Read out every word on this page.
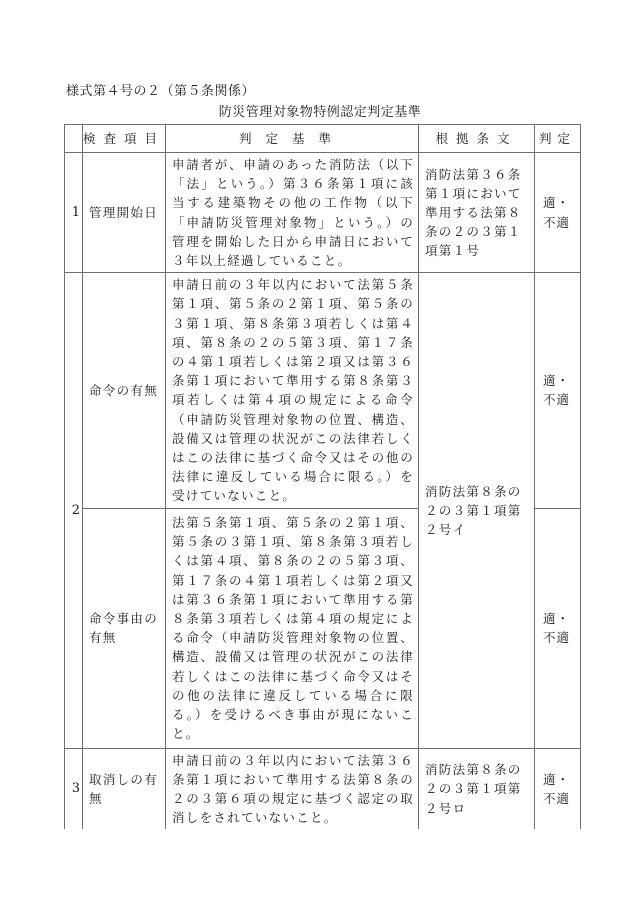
様式第４号の２（第５条関係）
防災管理対象物特例認定判定基準
	検査項目	判定基準	根拠条文	判定
1	管理開始日	申請者が、申請のあった消防法（以下「法」という。）第３６条第１項に該当する建築物その他の工作物（以下「申請防災管理対象物」という。）の管理を開始した日から申請日において３年以上経過していること。	消防法第３６条第１項において準用する法第８条の２の３第１項第１号	適・不適
2	命令の有無	申請日前の３年以内において法第５条第１項、第５条の２第１項、第５条の３第１項、第８条第３項若しくは第４項、第８条の２の５第３項、第１７条の４第１項若しくは第２項又は第３６条第１項において準用する第８条第３項若しくは第４項の規定による命令（申請防災管理対象物の位置、構造、設備又は管理の状況がこの法律若しくはこの法律に基づく命令又はその他の法律に違反している場合に限る。）を受けていないこと。	消防法第８条の２の３第１項第２号イ	適・不適
	命令事由の有無	法第５条第１項、第５条の２第１項、第５条の３第１項、第８条第３項若しくは第４項、第８条の２の５第３項、第１７条の４第１項若しくは第２項又は第３６条第１項において準用する第８条第３項若しくは第４項の規定による命令（申請防災管理対象物の位置、構造、設備又は管理の状況がこの法律若しくはこの法律に基づく命令又はその他の法律に違反している場合に限る。）を受けるべき事由が現にないこと。		適・不適
3	取消しの有無	申請日前の３年以内において法第３６条第１項において準用する法第８条の２の３第６項の規定に基づく認定の取消しをされていないこと。	消防法第８条の２の３第１項第２号ロ	適・不適
